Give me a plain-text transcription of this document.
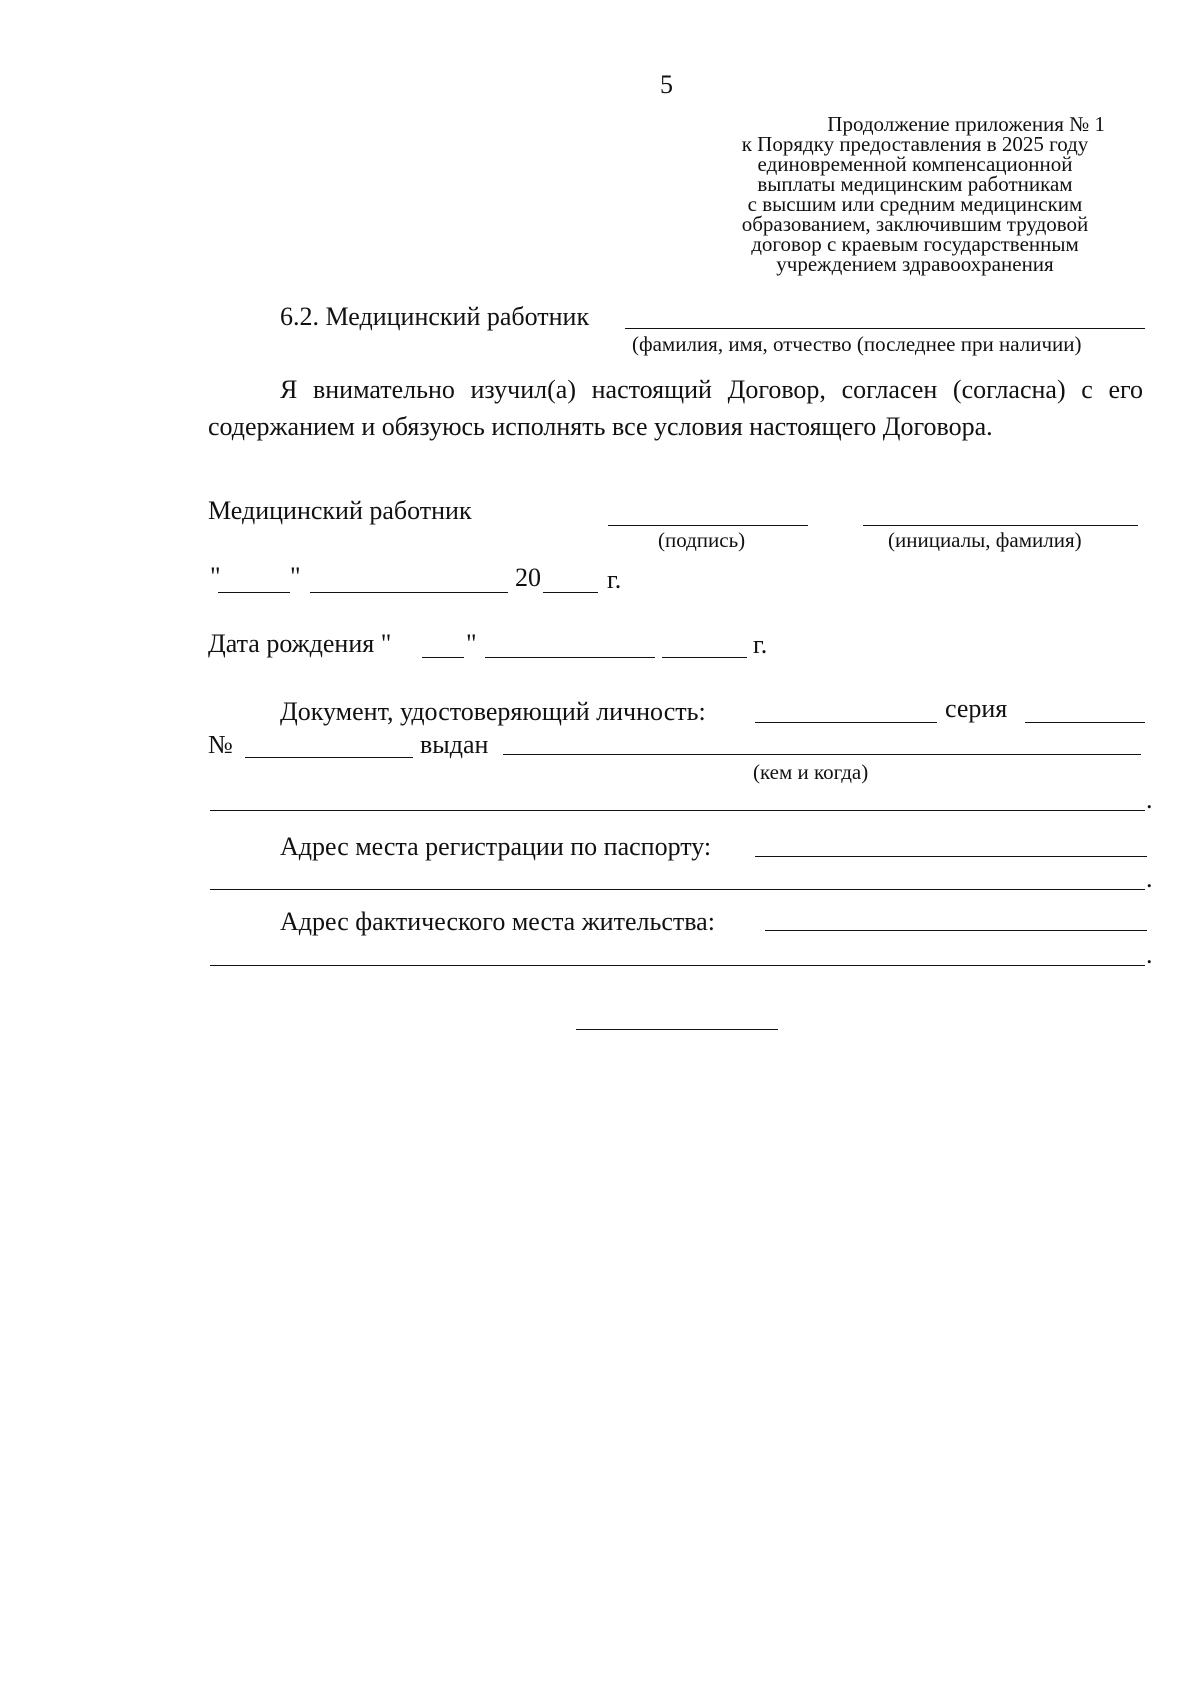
5
Продолжение приложения № 1
к Порядку предоставления в 2025 году
единовременной компенсационной
выплаты медицинским работникам
с высшим или средним медицинским
образованием, заключившим трудовой
договор с краевым государственным
учреждением здравоохранения
6.2. Медицинский работник
(фамилия, имя, отчество (последнее при наличии)
Я внимательно изучил(а) настоящий Договор, согласен (согласна) с его содержанием и обязуюсь исполнять все условия настоящего Договора.
Медицинский работник
(подпись)	(инициалы, фамилия)
"	"	20	г.
Дата рождения "	"	г.
Документ, удостоверяющий личность:	серия
№	выдан
(кем и когда)
.
Адрес места регистрации по паспорту:
.
Адрес фактического места жительства:
.
